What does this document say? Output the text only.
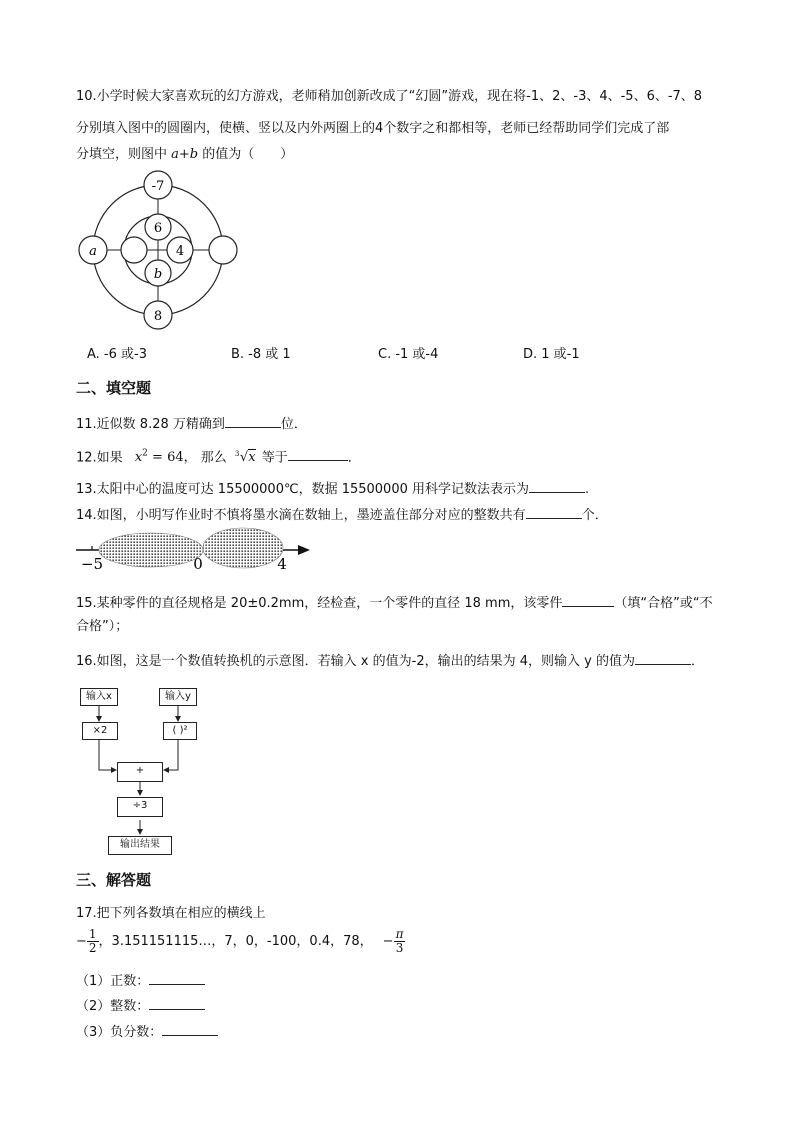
10.小学时候大家喜欢玩的幻方游戏，老师稍加创新改成了“幻圆”游戏，现在将-1、2、-3、4、-5、6、-7、8
分别填入图中的圆圈内，使横、竖以及内外两圈上的4个数字之和都相等，老师已经帮助同学们完成了部
分填空，则图中 a+b 的值为（　　）
-7
6
4
b
a
8
A. -6 或-3	B. -8 或 1	C. -1 或-4	D. 1 或-1
二、填空题
11.近似数 8.28 万精确到	位．
12.如果 $x^2 = 64$， 那么 3 √x 等于	．
13.太阳中心的温度可达 15500000℃，数据 15500000 用科学记数法表示为	.
14.如图，小明写作业时不慎将墨水滴在数轴上，墨迹盖住部分对应的整数共有	个．
−5	0	4
15.某种零件的直径规格是 20±0.2mm，经检查，一个零件的直径 18 mm，该零件	（填“合格”或“不
合格”）；
16.如图，这是一个数值转换机的示意图．若输入 x 的值为-2，输出的结果为 4，则输入 y 的值为	．
输入x	输入y
×2	( )²
+
÷3
输出结果
三、解答题
17.把下列各数填在相应的横线上
− $\frac{1}{2}$ ，3.151151115…，7，0，-100，0.4，78， − $\frac{\pi}{3}$
（1）正数：
（2）整数：
（3）负分数：
